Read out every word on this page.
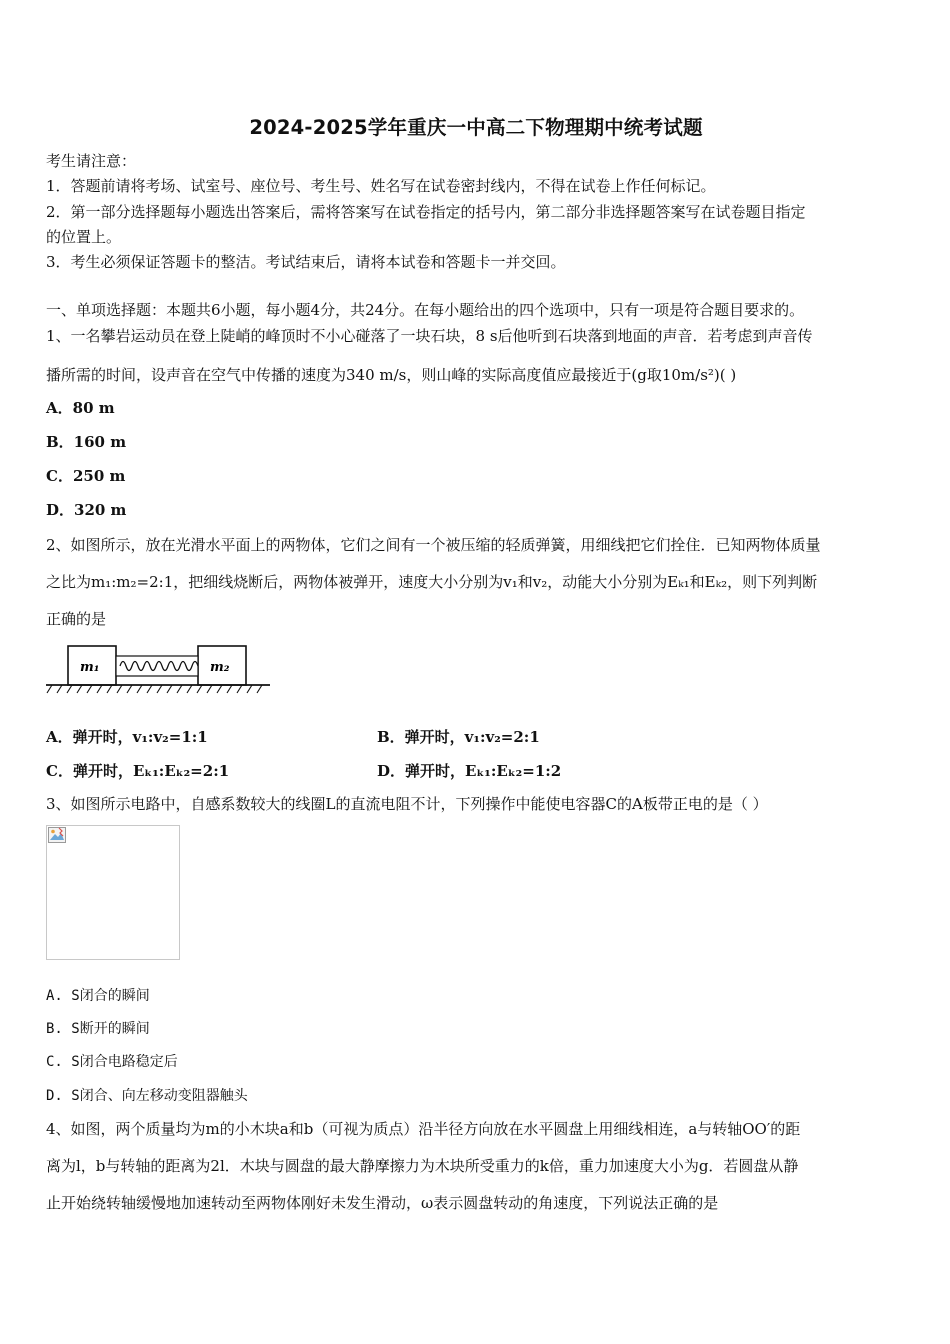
2024-2025学年重庆一中高二下物理期中统考试题
考生请注意：
1．答题前请将考场、试室号、座位号、考生号、姓名写在试卷密封线内，不得在试卷上作任何标记。
2．第一部分选择题每小题选出答案后，需将答案写在试卷指定的括号内，第二部分非选择题答案写在试卷题目指定
的位置上。
3．考生必须保证答题卡的整洁。考试结束后，请将本试卷和答题卡一并交回。
一、单项选择题：本题共6小题，每小题4分，共24分。在每小题给出的四个选项中，只有一项是符合题目要求的。
1、一名攀岩运动员在登上陡峭的峰顶时不小心碰落了一块石块，8 s后他听到石块落到地面的声音．若考虑到声音传
播所需的时间，设声音在空气中传播的速度为340 m/s，则山峰的实际高度值应最接近于(g取10m/s²)( )
A．80 m
B．160 m
C．250 m
D．320 m
2、如图所示，放在光滑水平面上的两物体，它们之间有一个被压缩的轻质弹簧，用细线把它们拴住．已知两物体质量
之比为m₁:m₂=2:1，把细线烧断后，两物体被弹开，速度大小分别为v₁和v₂，动能大小分别为Eₖ₁和Eₖ₂，则下列判断
正确的是
m₁	m₂
A．弹开时，v₁:v₂=1:1	B．弹开时，v₁:v₂=2:1
C．弹开时，Eₖ₁:Eₖ₂=2:1	D．弹开时，Eₖ₁:Eₖ₂=1:2
3、如图所示电路中，自感系数较大的线圈L的直流电阻不计，下列操作中能使电容器C的A板带正电的是（ ）
A. S闭合的瞬间
B. S断开的瞬间
C. S闭合电路稳定后
D. S闭合、向左移动变阻器触头
4、如图，两个质量均为m的小木块a和b（可视为质点）沿半径方向放在水平圆盘上用细线相连，a与转轴OO′的距
离为l，b与转轴的距离为2l．木块与圆盘的最大静摩擦力为木块所受重力的k倍，重力加速度大小为g．若圆盘从静
止开始绕转轴缓慢地加速转动至两物体刚好未发生滑动，ω表示圆盘转动的角速度，下列说法正确的是
